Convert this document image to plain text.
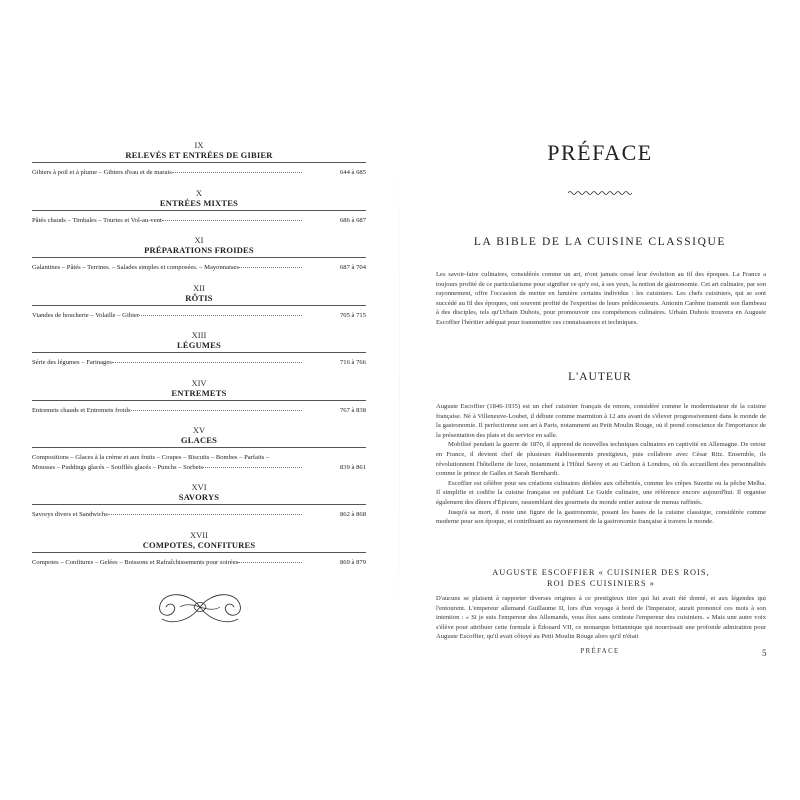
IX
RELEVÉS ET ENTRÉES DE GIBIER
Gibiers à poil et à plume – Gibiers d'eau et de marais	644 à 685
X
ENTRÉES MIXTES
Pâtés chauds – Timbales – Tourtes et Vol-au-vent	686 à 687
XI
PRÉPARATIONS FROIDES
Galantines – Pâtés – Terrines. – Salades simples et composées. – Mayonnaises	687 à 704
XII
RÔTIS
Viandes de boucherie – Volaille – Gibier	705 à 715
XIII
LÉGUMES
Série des légumes – Farinages	716 à 766
XIV
ENTREMETS
Entremets chauds et Entremets froids	767 à 838
XV
GLACES
Compositions – Glaces à la crème et aux fruits – Coupes – Biscuits – Bombes – Parfaits –
Mousses – Puddings glacés – Soufflés glacés – Punchs – Sorbets	839 à 861
XVI
SAVORYS
Savorys divers et Sandwichs	862 à 868
XVII
COMPOTES, CONFITURES
Compotes – Confitures – Gelées – Boissons et Rafraîchissements pour soirées	869 à 879
PRÉFACE
LA BIBLE DE LA CUISINE CLASSIQUE
Les savoir-faire culinaires, considérés comme un art, n'ont jamais cessé leur évolution au fil des époques. La France a toujours profité de ce particularisme pour signifier ce qu'y est, à ses yeux, la notion de gastronomie. Cet art culinaire, par son rayonnement, offre l'occasion de mettre en lumière certains individus : les cuisiniers. Les chefs cuisiniers, qui se sont succédé au fil des époques, ont souvent profité de l'expertise de leurs prédécesseurs. Antonin Carême transmit son flambeau à des disciples, tels qu'Urbain Dubois, pour promouvoir ces compétences culinaires. Urbain Dubois trouvera en Auguste Escoffier l'héritier adéquat pour transmettre ces connaissances et techniques.
L'AUTEUR
Auguste Escoffier (1846-1935) est un chef cuisinier français de renom, considéré comme le modernisateur de la cuisine française. Né à Villeneuve-Loubet, il débute comme marmiton à 12 ans avant de s'élever progressivement dans le monde de la gastronomie. Il perfectionne son art à Paris, notamment au Petit Moulin Rouge, où il prend conscience de l'importance de la présentation des plats et du service en salle.
Mobilisé pendant la guerre de 1870, il apprend de nouvelles techniques culinaires en captivité en Allemagne. De retour en France, il devient chef de plusieurs établissements prestigieux, puis collabore avec César Ritz. Ensemble, ils révolutionnent l'hôtellerie de luxe, notamment à l'Hôtel Savoy et au Carlton à Londres, où ils accueillent des personnalités comme le prince de Galles et Sarah Bernhardt.
Escoffier est célèbre pour ses créations culinaires dédiées aux célébrités, comme les crêpes Suzette ou la pêche Melba. Il simplifie et codifie la cuisine française en publiant Le Guide culinaire, une référence encore aujourd'hui. Il organise également des dîners d'Épicure, rassemblant des gourmets du monde entier autour de menus raffinés.
Jusqu'à sa mort, il reste une figure de la gastronomie, posant les bases de la cuisine classique, considérée comme moderne pour son époque, et contribuant au rayonnement de la gastronomie française à travers le monde.
AUGUSTE ESCOFFIER « CUISINIER DES ROIS,
ROI DES CUISINIERS »
D'aucuns se plaisent à rapporter diverses origines à ce prestigieux titre qui lui avait été donné, et aux légendes qui l'entourent. L'empereur allemand Guillaume II, lors d'un voyage à bord de l'Imperator, aurait prononcé ces mots à son intention : « Si je suis l'empereur des Allemands, vous êtes sans conteste l'empereur des cuisiniers. » Mais une autre voix s'élève pour attribuer cette formule à Édouard VII, ce monarque britannique qui nourrissait une profonde admiration pour Auguste Escoffier, qu'il avait côtoyé au Petit Moulin Rouge alors qu'il n'était
PRÉFACE	5
